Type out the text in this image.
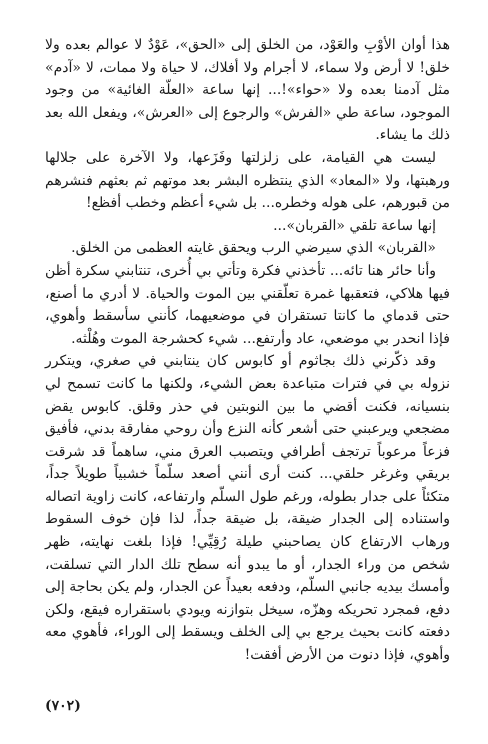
هذا أوان الأوْبِ والعَوْد، من الخلق إلى «الحق»، عَوْدٌ لا عوالم بعده ولا خلق! لا أرض ولا سماء، لا أجرام ولا أفلاك، لا حياة ولا ممات، لا «آدم» مثل آدمنا بعده ولا «حواء»!... إنها ساعة «العلّة الغائية» من وجود الموجود، ساعة طي «الفرش» والرجوع إلى «العرش»، ويفعل الله بعد ذلك ما يشاء.

ليست هي القيامة، على زلزلتها وفَزَعها، ولا الآخرة على جلالها ورهبتها، ولا «المعاد» الذي ينتظره البشر بعد موتهم ثم بعثهم فنشرهم من قبورهم، على هوله وخطره... بل شيء أعظم وخطب أفظع!

إنها ساعة تلقي «القربان»...

«القربان» الذي سيرضي الرب ويحقق غايته العظمى من الخلق.

وأنا حائر هنا تائه... تأخذني فكرة وتأتي بي أُخرى، تنتابني سكرة أظن فيها هلاكي، فتعقبها غمرة تعلّقني بين الموت والحياة. لا أدري ما أصنع، حتى قدماي ما كانتا تستقران في موضعيهما، كأنني سأسقط وأهوي، فإذا انحدر بي موضعي، عاد وأرتفع... شيء كحشرجة الموت وهُلْثه.

وقد ذكّرني ذلك بجاثوم أو كابوس كان ينتابني في صغري، ويتكرر نزوله بي في فترات متباعدة بعض الشيء، ولكنها ما كانت تسمح لي بنسيانه، فكنت أقضي ما بين النوبتين في حذر وقلق. كابوس يقض مضجعي ويرعبني حتى أشعر كأنه النزع وأن روحي مفارقة بدني، فأفيق فزعاً مرعوباً ترتجف أطرافي ويتصبب العرق مني، ساهماً قد شرقت بريقي وغرغر حلقي... كنت أرى أنني أصعد سلّماً خشبياً طويلاً جداً، متكئاً على جدار بطوله، ورغم طول السلّم وارتفاعه، كانت زاوية اتصاله واستناده إلى الجدار ضيقة، بل ضيقة جداً، لذا فإن خوف السقوط ورهاب الارتفاع كان يصاحبني طيلة رُقِيِّي! فإذا بلغت نهايته، ظهر شخص من وراء الجدار، أو ما يبدو أنه سطح تلك الدار التي تسلقت، وأمسك بيديه جانبي السلّم، ودفعه بعيداً عن الجدار، ولم يكن بحاجة إلى دفع، فمجرد تحريكه وهزّه، سيخل بتوازنه ويودي باستقراره فيقع، ولكن دفعته كانت بحيث يرجع بي إلى الخلف ويسقط إلى الوراء، فأهوي معه وأهوي، فإذا دنوت من الأرض أفقت!

(٧٠٢)
